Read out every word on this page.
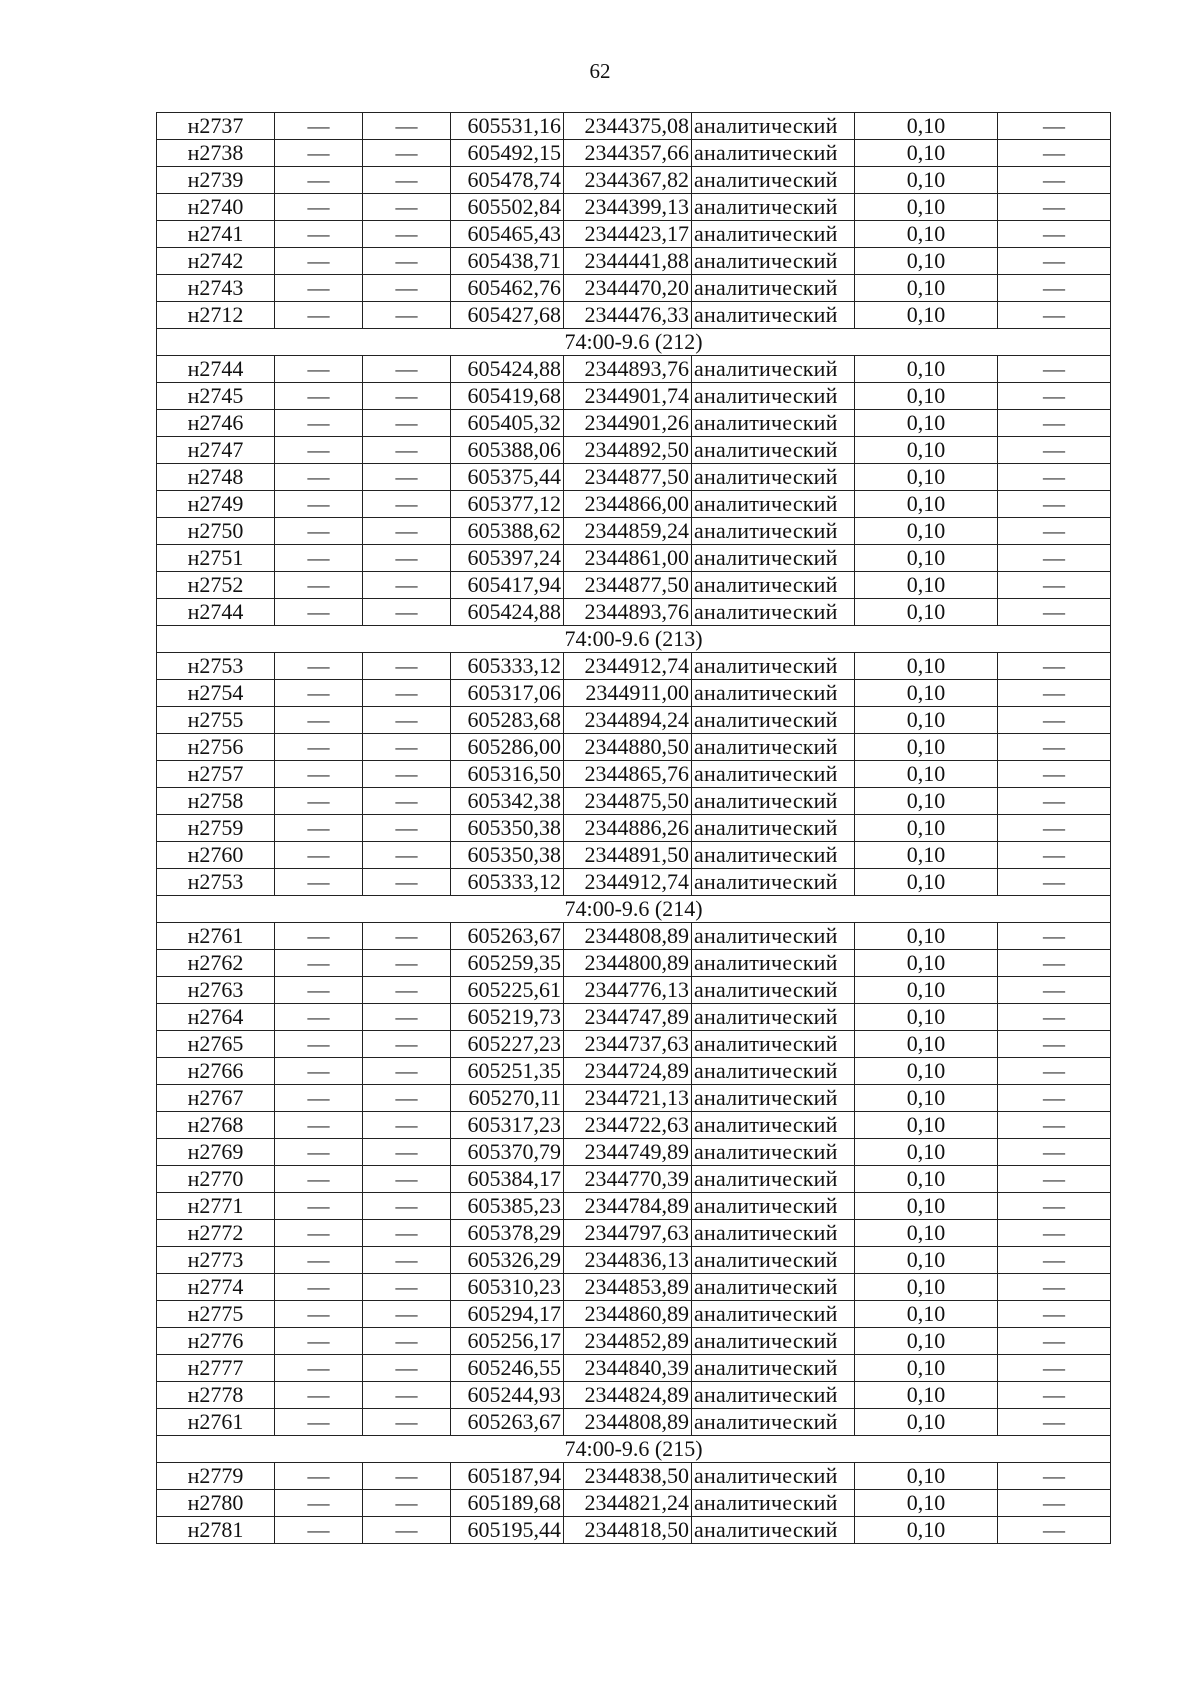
62
н2737	—	—	605531,16	2344375,08	аналитический	0,10	—
н2738	—	—	605492,15	2344357,66	аналитический	0,10	—
н2739	—	—	605478,74	2344367,82	аналитический	0,10	—
н2740	—	—	605502,84	2344399,13	аналитический	0,10	—
н2741	—	—	605465,43	2344423,17	аналитический	0,10	—
н2742	—	—	605438,71	2344441,88	аналитический	0,10	—
н2743	—	—	605462,76	2344470,20	аналитический	0,10	—
н2712	—	—	605427,68	2344476,33	аналитический	0,10	—
74:00-9.6 (212)							
н2744	—	—	605424,88	2344893,76	аналитический	0,10	—
н2745	—	—	605419,68	2344901,74	аналитический	0,10	—
н2746	—	—	605405,32	2344901,26	аналитический	0,10	—
н2747	—	—	605388,06	2344892,50	аналитический	0,10	—
н2748	—	—	605375,44	2344877,50	аналитический	0,10	—
н2749	—	—	605377,12	2344866,00	аналитический	0,10	—
н2750	—	—	605388,62	2344859,24	аналитический	0,10	—
н2751	—	—	605397,24	2344861,00	аналитический	0,10	—
н2752	—	—	605417,94	2344877,50	аналитический	0,10	—
н2744	—	—	605424,88	2344893,76	аналитический	0,10	—
74:00-9.6 (213)							
н2753	—	—	605333,12	2344912,74	аналитический	0,10	—
н2754	—	—	605317,06	2344911,00	аналитический	0,10	—
н2755	—	—	605283,68	2344894,24	аналитический	0,10	—
н2756	—	—	605286,00	2344880,50	аналитический	0,10	—
н2757	—	—	605316,50	2344865,76	аналитический	0,10	—
н2758	—	—	605342,38	2344875,50	аналитический	0,10	—
н2759	—	—	605350,38	2344886,26	аналитический	0,10	—
н2760	—	—	605350,38	2344891,50	аналитический	0,10	—
н2753	—	—	605333,12	2344912,74	аналитический	0,10	—
74:00-9.6 (214)							
н2761	—	—	605263,67	2344808,89	аналитический	0,10	—
н2762	—	—	605259,35	2344800,89	аналитический	0,10	—
н2763	—	—	605225,61	2344776,13	аналитический	0,10	—
н2764	—	—	605219,73	2344747,89	аналитический	0,10	—
н2765	—	—	605227,23	2344737,63	аналитический	0,10	—
н2766	—	—	605251,35	2344724,89	аналитический	0,10	—
н2767	—	—	605270,11	2344721,13	аналитический	0,10	—
н2768	—	—	605317,23	2344722,63	аналитический	0,10	—
н2769	—	—	605370,79	2344749,89	аналитический	0,10	—
н2770	—	—	605384,17	2344770,39	аналитический	0,10	—
н2771	—	—	605385,23	2344784,89	аналитический	0,10	—
н2772	—	—	605378,29	2344797,63	аналитический	0,10	—
н2773	—	—	605326,29	2344836,13	аналитический	0,10	—
н2774	—	—	605310,23	2344853,89	аналитический	0,10	—
н2775	—	—	605294,17	2344860,89	аналитический	0,10	—
н2776	—	—	605256,17	2344852,89	аналитический	0,10	—
н2777	—	—	605246,55	2344840,39	аналитический	0,10	—
н2778	—	—	605244,93	2344824,89	аналитический	0,10	—
н2761	—	—	605263,67	2344808,89	аналитический	0,10	—
74:00-9.6 (215)							
н2779	—	—	605187,94	2344838,50	аналитический	0,10	—
н2780	—	—	605189,68	2344821,24	аналитический	0,10	—
н2781	—	—	605195,44	2344818,50	аналитический	0,10	—
